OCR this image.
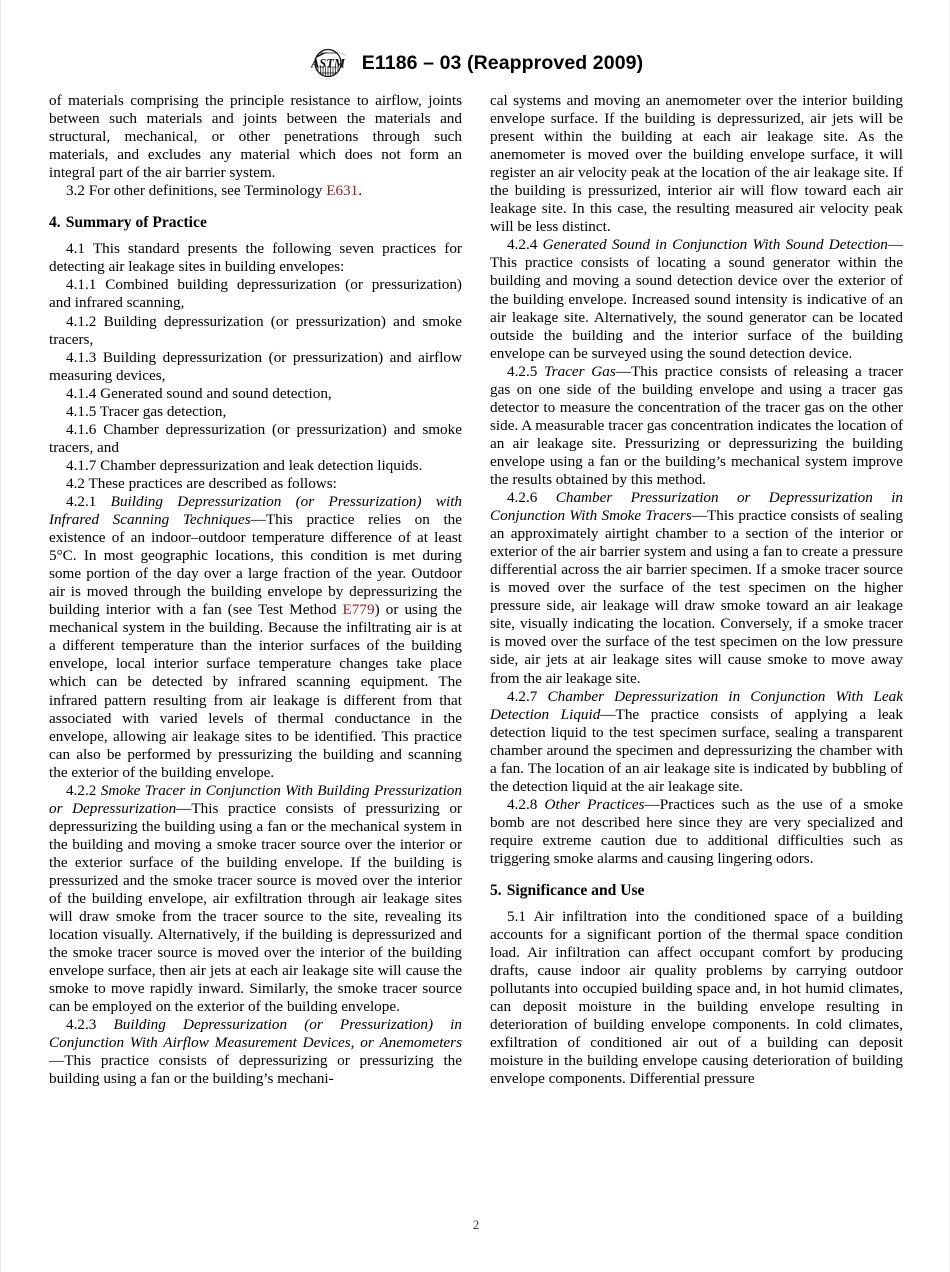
ASTM E1186 – 03 (Reapproved 2009)

of materials comprising the principle resistance to airflow, joints between such materials and joints between the materials and structural, mechanical, or other penetrations through such materials, and excludes any material which does not form an integral part of the air barrier system.

3.2 For other definitions, see Terminology E631.

4. Summary of Practice

4.1 This standard presents the following seven practices for detecting air leakage sites in building envelopes:

4.1.1 Combined building depressurization (or pressurization) and infrared scanning,

4.1.2 Building depressurization (or pressurization) and smoke tracers,

4.1.3 Building depressurization (or pressurization) and airflow measuring devices,

4.1.4 Generated sound and sound detection,

4.1.5 Tracer gas detection,

4.1.6 Chamber depressurization (or pressurization) and smoke tracers, and

4.1.7 Chamber depressurization and leak detection liquids.

4.2 These practices are described as follows:

4.2.1 Building Depressurization (or Pressurization) with Infrared Scanning Techniques—This practice relies on the existence of an indoor–outdoor temperature difference of at least 5°C. In most geographic locations, this condition is met during some portion of the day over a large fraction of the year. Outdoor air is moved through the building envelope by depressurizing the building interior with a fan (see Test Method E779) or using the mechanical system in the building. Because the infiltrating air is at a different temperature than the interior surfaces of the building envelope, local interior surface temperature changes take place which can be detected by infrared scanning equipment. The infrared pattern resulting from air leakage is different from that associated with varied levels of thermal conductance in the envelope, allowing air leakage sites to be identified. This practice can also be performed by pressurizing the building and scanning the exterior of the building envelope.

4.2.2 Smoke Tracer in Conjunction With Building Pressurization or Depressurization—This practice consists of pressurizing or depressurizing the building using a fan or the mechanical system in the building and moving a smoke tracer source over the interior or the exterior surface of the building envelope. If the building is pressurized and the smoke tracer source is moved over the interior of the building envelope, air exfiltration through air leakage sites will draw smoke from the tracer source to the site, revealing its location visually. Alternatively, if the building is depressurized and the smoke tracer source is moved over the interior of the building envelope surface, then air jets at each air leakage site will cause the smoke to move rapidly inward. Similarly, the smoke tracer source can be employed on the exterior of the building envelope.

4.2.3 Building Depressurization (or Pressurization) in Conjunction With Airflow Measurement Devices, or Anemometers—This practice consists of depressurizing or pressurizing the building using a fan or the building’s mechani-

cal systems and moving an anemometer over the interior building envelope surface. If the building is depressurized, air jets will be present within the building at each air leakage site. As the anemometer is moved over the building envelope surface, it will register an air velocity peak at the location of the air leakage site. If the building is pressurized, interior air will flow toward each air leakage site. In this case, the resulting measured air velocity peak will be less distinct.

4.2.4 Generated Sound in Conjunction With Sound Detection—This practice consists of locating a sound generator within the building and moving a sound detection device over the exterior of the building envelope. Increased sound intensity is indicative of an air leakage site. Alternatively, the sound generator can be located outside the building and the interior surface of the building envelope can be surveyed using the sound detection device.

4.2.5 Tracer Gas—This practice consists of releasing a tracer gas on one side of the building envelope and using a tracer gas detector to measure the concentration of the tracer gas on the other side. A measurable tracer gas concentration indicates the location of an air leakage site. Pressurizing or depressurizing the building envelope using a fan or the building’s mechanical system improve the results obtained by this method.

4.2.6 Chamber Pressurization or Depressurization in Conjunction With Smoke Tracers—This practice consists of sealing an approximately airtight chamber to a section of the interior or exterior of the air barrier system and using a fan to create a pressure differential across the air barrier specimen. If a smoke tracer source is moved over the surface of the test specimen on the higher pressure side, air leakage will draw smoke toward an air leakage site, visually indicating the location. Conversely, if a smoke tracer is moved over the surface of the test specimen on the low pressure side, air jets at air leakage sites will cause smoke to move away from the air leakage site.

4.2.7 Chamber Depressurization in Conjunction With Leak Detection Liquid—The practice consists of applying a leak detection liquid to the test specimen surface, sealing a transparent chamber around the specimen and depressurizing the chamber with a fan. The location of an air leakage site is indicated by bubbling of the detection liquid at the air leakage site.

4.2.8 Other Practices—Practices such as the use of a smoke bomb are not described here since they are very specialized and require extreme caution due to additional difficulties such as triggering smoke alarms and causing lingering odors.

5. Significance and Use

5.1 Air infiltration into the conditioned space of a building accounts for a significant portion of the thermal space condition load. Air infiltration can affect occupant comfort by producing drafts, cause indoor air quality problems by carrying outdoor pollutants into occupied building space and, in hot humid climates, can deposit moisture in the building envelope resulting in deterioration of building envelope components. In cold climates, exfiltration of conditioned air out of a building can deposit moisture in the building envelope causing deterioration of building envelope components. Differential pressure

2
